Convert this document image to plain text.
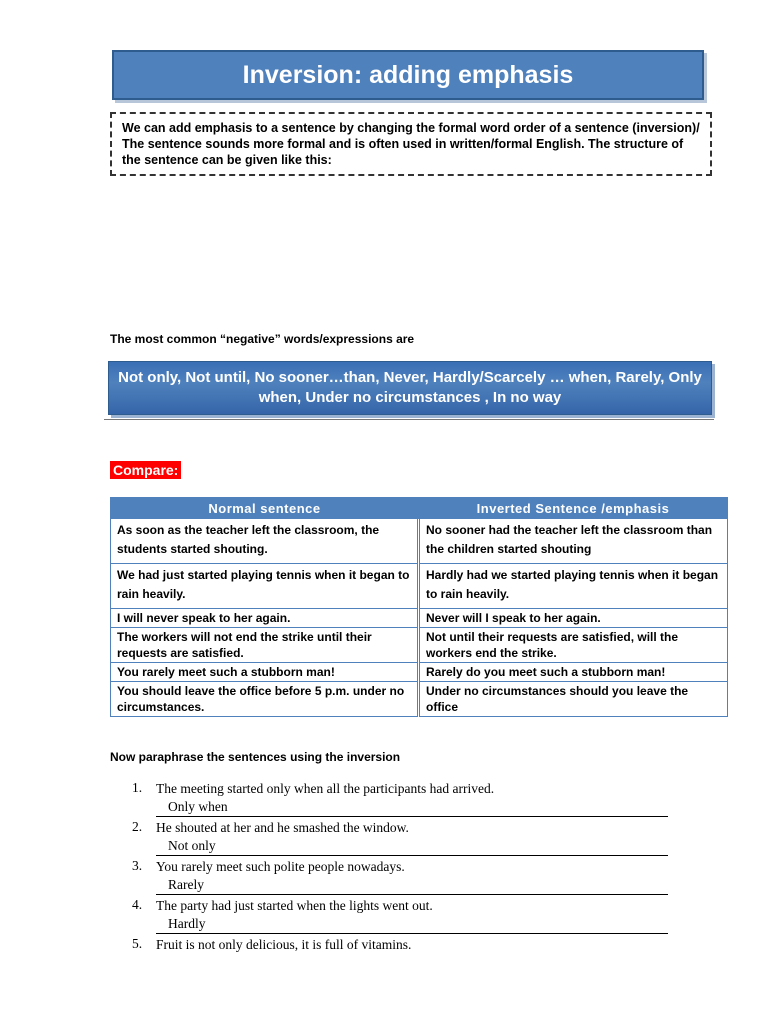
Inversion: adding emphasis
We can add emphasis to a sentence by changing the formal word order of a sentence (inversion)/
The sentence sounds more formal and is often used in written/formal English. The structure of the sentence can be given like this:
The most common “negative” words/expressions are
Not only, Not until, No sooner…than, Never, Hardly/Scarcely … when, Rarely, Only when, Under no circumstances , In no way
Compare:
Normal sentence	Inverted Sentence /emphasis
As soon as the teacher left the classroom, the students started shouting.	No sooner had the teacher left the classroom than the children started shouting
We had just started playing tennis when it began to rain heavily.	Hardly had we started playing tennis when it began to rain heavily.
I will never speak to her again.	Never will I speak to her again.
The workers will not end the strike until their requests are satisfied.	Not until their requests are satisfied, will the workers end the strike.
You rarely meet such a stubborn man!	Rarely do you meet such a stubborn man!
You should leave the office before 5 p.m. under no circumstances.	Under no circumstances should you leave the office
Now paraphrase the sentences using the inversion
1. The meeting started only when all the participants had arrived.
Only when
2. He shouted at her and he smashed the window.
Not only
3. You rarely meet such polite people nowadays.
Rarely
4. The party had just started when the lights went out.
Hardly
5. Fruit is not only delicious, it is full of vitamins.
